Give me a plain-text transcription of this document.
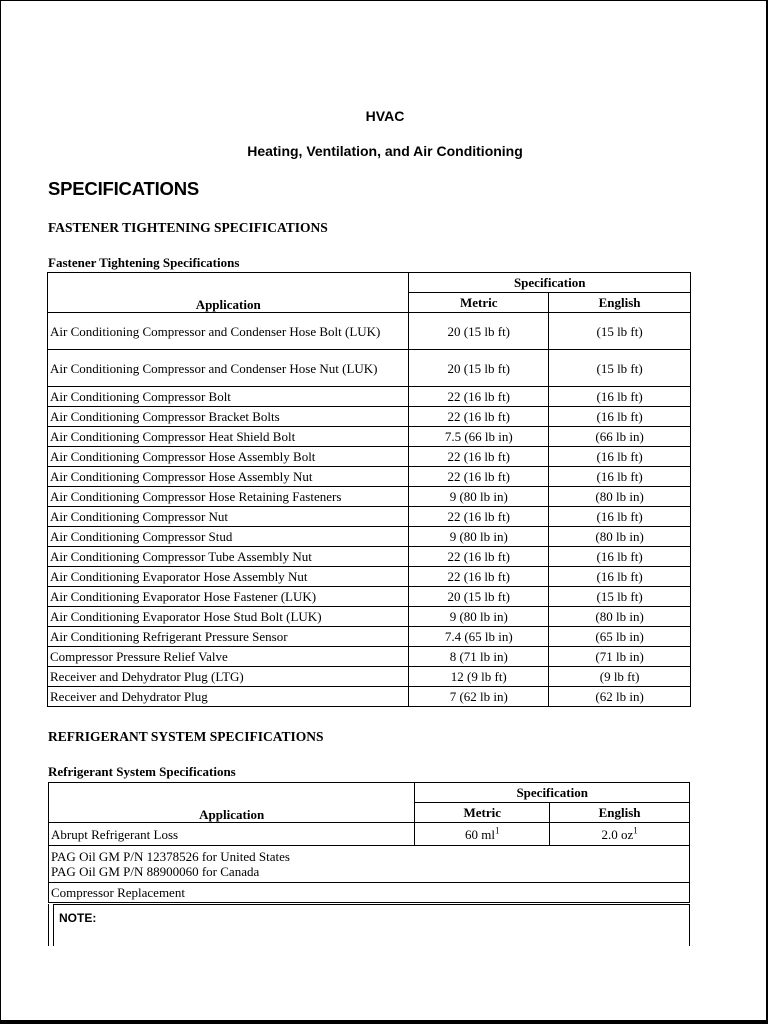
HVAC
Heating, Ventilation, and Air Conditioning
SPECIFICATIONS
FASTENER TIGHTENING SPECIFICATIONS
Fastener Tightening Specifications
Application	Specification	
	Metric	English
Air Conditioning Compressor and Condenser Hose Bolt (LUK)	20 (15 lb ft)	(15 lb ft)
Air Conditioning Compressor and Condenser Hose Nut (LUK)	20 (15 lb ft)	(15 lb ft)
Air Conditioning Compressor Bolt	22 (16 lb ft)	(16 lb ft)
Air Conditioning Compressor Bracket Bolts	22 (16 lb ft)	(16 lb ft)
Air Conditioning Compressor Heat Shield Bolt	7.5 (66 lb in)	(66 lb in)
Air Conditioning Compressor Hose Assembly Bolt	22 (16 lb ft)	(16 lb ft)
Air Conditioning Compressor Hose Assembly Nut	22 (16 lb ft)	(16 lb ft)
Air Conditioning Compressor Hose Retaining Fasteners	9 (80 lb in)	(80 lb in)
Air Conditioning Compressor Nut	22 (16 lb ft)	(16 lb ft)
Air Conditioning Compressor Stud	9 (80 lb in)	(80 lb in)
Air Conditioning Compressor Tube Assembly Nut	22 (16 lb ft)	(16 lb ft)
Air Conditioning Evaporator Hose Assembly Nut	22 (16 lb ft)	(16 lb ft)
Air Conditioning Evaporator Hose Fastener (LUK)	20 (15 lb ft)	(15 lb ft)
Air Conditioning Evaporator Hose Stud Bolt (LUK)	9 (80 lb in)	(80 lb in)
Air Conditioning Refrigerant Pressure Sensor	7.4 (65 lb in)	(65 lb in)
Compressor Pressure Relief Valve	8 (71 lb in)	(71 lb in)
Receiver and Dehydrator Plug (LTG)	12 (9 lb ft)	(9 lb ft)
Receiver and Dehydrator Plug	7 (62 lb in)	(62 lb in)
REFRIGERANT SYSTEM SPECIFICATIONS
Refrigerant System Specifications
Application	Specification	
	Metric	English
Abrupt Refrigerant Loss	60 $ml^1$	2.0 $oz^1$

PAG Oil GM P/N 12378526 for United States
PAG Oil GM P/N 88900060 for Canada		

Compressor Replacement		
NOTE:
